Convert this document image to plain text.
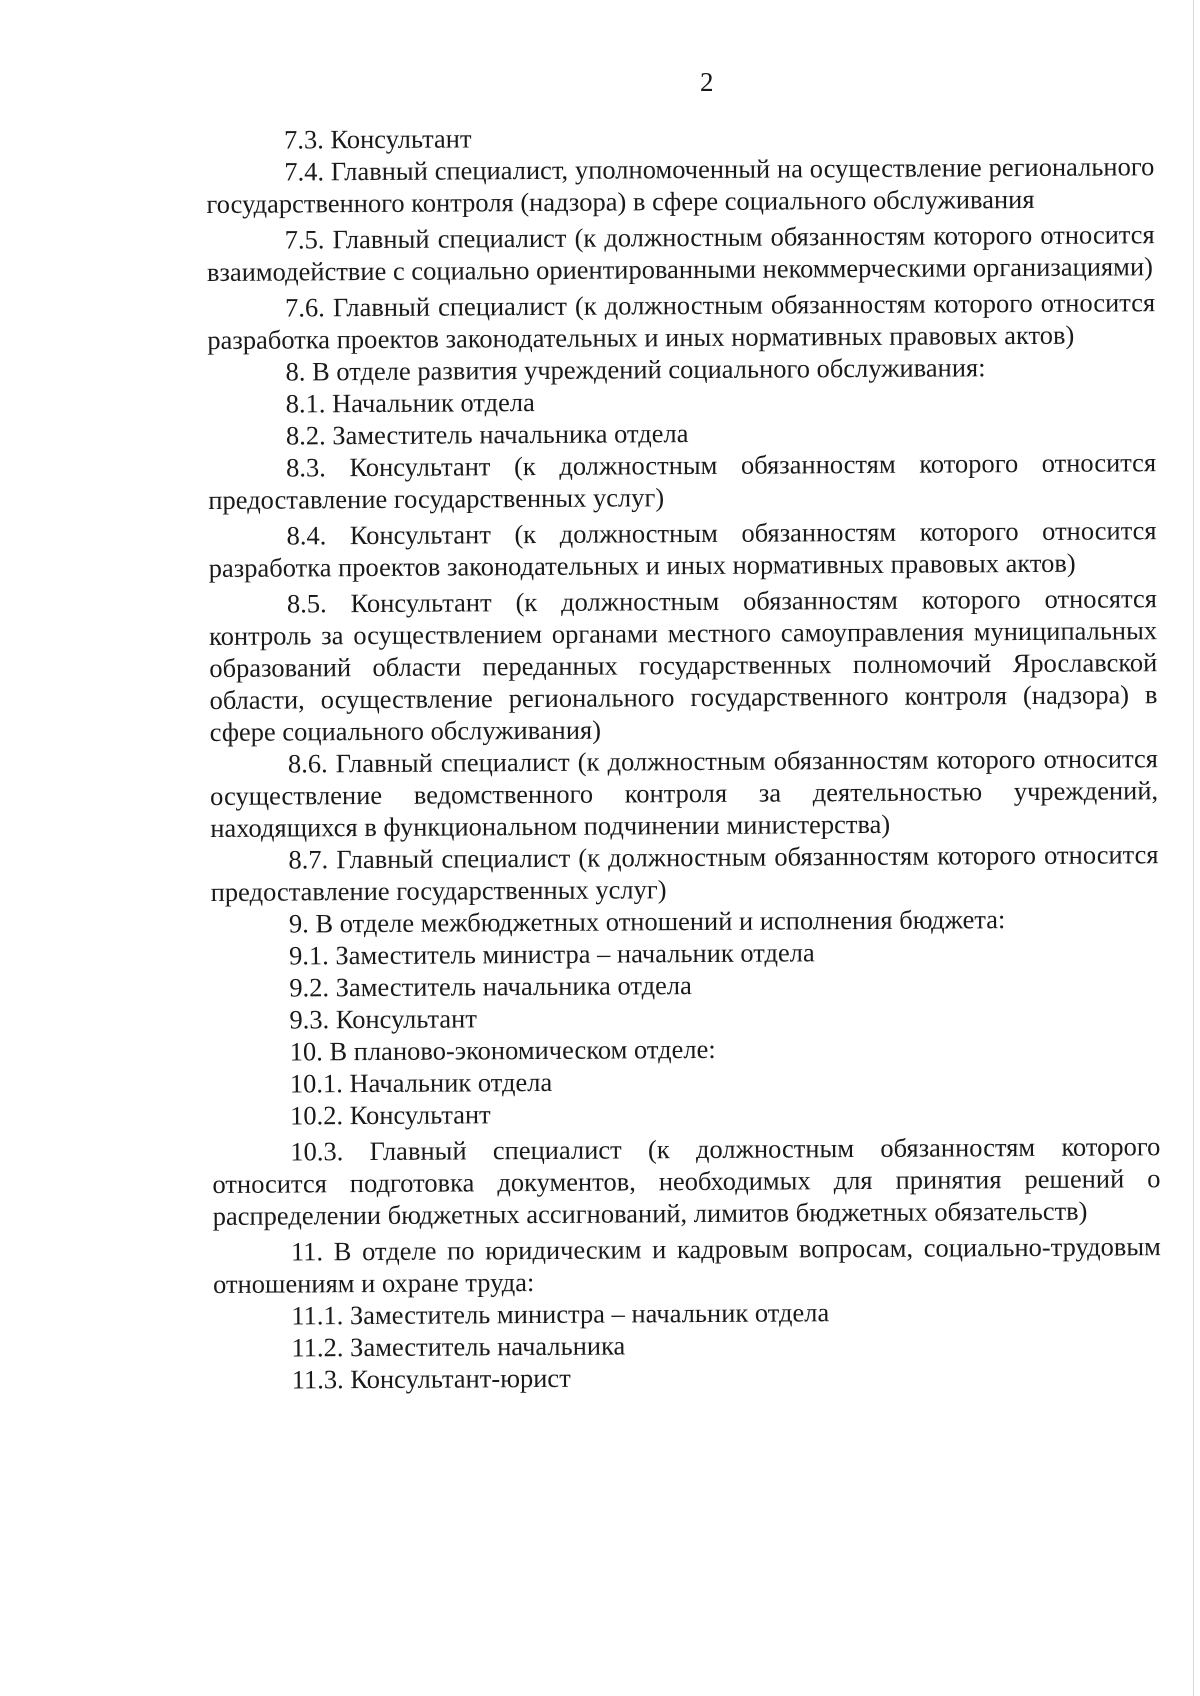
2

7.3. Консультант

7.4. Главный специалист, уполномоченный на осуществление регионального государственного контроля (надзора) в сфере социального обслуживания

7.5. Главный специалист (к должностным обязанностям которого относится взаимодействие с социально ориентированными некоммерческими организациями)

7.6. Главный специалист (к должностным обязанностям которого относится разработка проектов законодательных и иных нормативных правовых актов)

8. В отделе развития учреждений социального обслуживания:

8.1. Начальник отдела

8.2. Заместитель начальника отдела

8.3. Консультант (к должностным обязанностям которого относится предоставление государственных услуг)

8.4. Консультант (к должностным обязанностям которого относится разработка проектов законодательных и иных нормативных правовых актов)

8.5. Консультант (к должностным обязанностям которого относятся контроль за осуществлением органами местного самоуправления муниципальных образований области переданных государственных полномочий Ярославской области, осуществление регионального государственного контроля (надзора) в сфере социального обслуживания)

8.6. Главный специалист (к должностным обязанностям которого относится осуществление ведомственного контроля за деятельностью учреждений, находящихся в функциональном подчинении министерства)

8.7. Главный специалист (к должностным обязанностям которого относится предоставление государственных услуг)

9. В отделе межбюджетных отношений и исполнения бюджета:

9.1. Заместитель министра – начальник отдела

9.2. Заместитель начальника отдела

9.3. Консультант

10. В планово-экономическом отделе:

10.1. Начальник отдела

10.2. Консультант

10.3. Главный специалист (к должностным обязанностям которого относится подготовка документов, необходимых для принятия решений о распределении бюджетных ассигнований, лимитов бюджетных обязательств)

11. В отделе по юридическим и кадровым вопросам, социально-трудовым отношениям и охране труда:

11.1. Заместитель министра – начальник отдела

11.2. Заместитель начальника

11.3. Консультант-юрист
